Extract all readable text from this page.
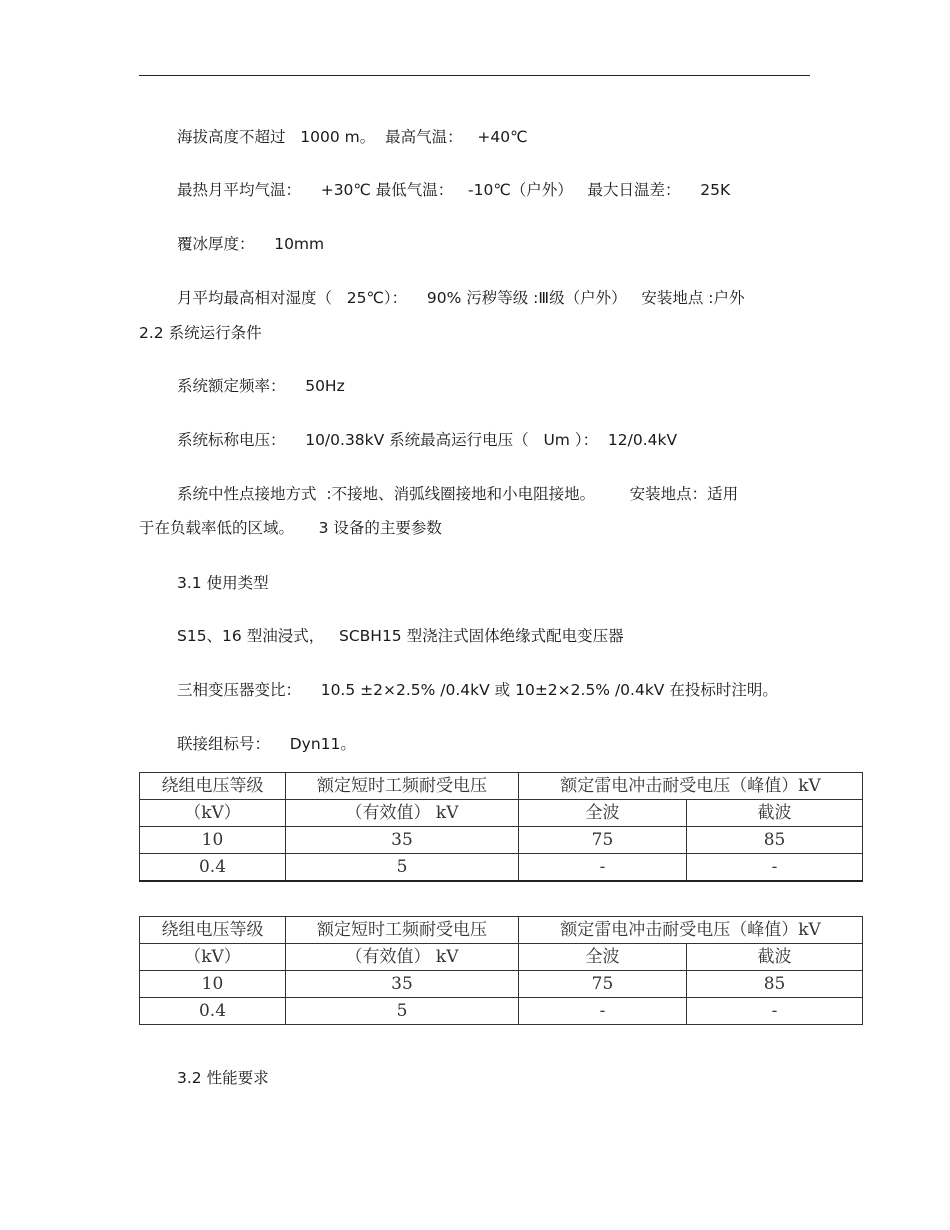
海拔高度不超过   1000 m。  最高气温：   +40℃
最热月平均气温：    +30℃ 最低气温：   -10℃（户外）   最大日温差：    25K
覆冰厚度：    10mm
月平均最高相对湿度（   25℃）：    90% 污秽等级 :Ⅲ级（户外）   安装地点 :户外
2.2 系统运行条件
系统额定频率：    50Hz
系统标称电压：    10/0.38kV 系统最高运行电压（   Um ）：  12/0.4kV
系统中性点接地方式  :不接地、消弧线圈接地和小电阻接地。       安装地点：适用
于在负载率低的区域。     3 设备的主要参数
3.1 使用类型
S15、16 型油浸式，   SCBH15 型浇注式固体绝缘式配电变压器
三相变压器变比：    10.5 ±2×2.5% /0.4kV 或 10±2×2.5% /0.4kV 在投标时注明。
联接组标号：    Dyn11。
绕组电压等级	额定短时工频耐受电压	额定雷电冲击耐受电压（峰值）kV	
（kV）	（有效值） kV	全波	截波
10	35	75	85
0.4	5	-	-
绕组电压等级	额定短时工频耐受电压	额定雷电冲击耐受电压（峰值）kV	
（kV）	（有效值） kV	全波	截波
10	35	75	85
0.4	5	-	-
3.2 性能要求
